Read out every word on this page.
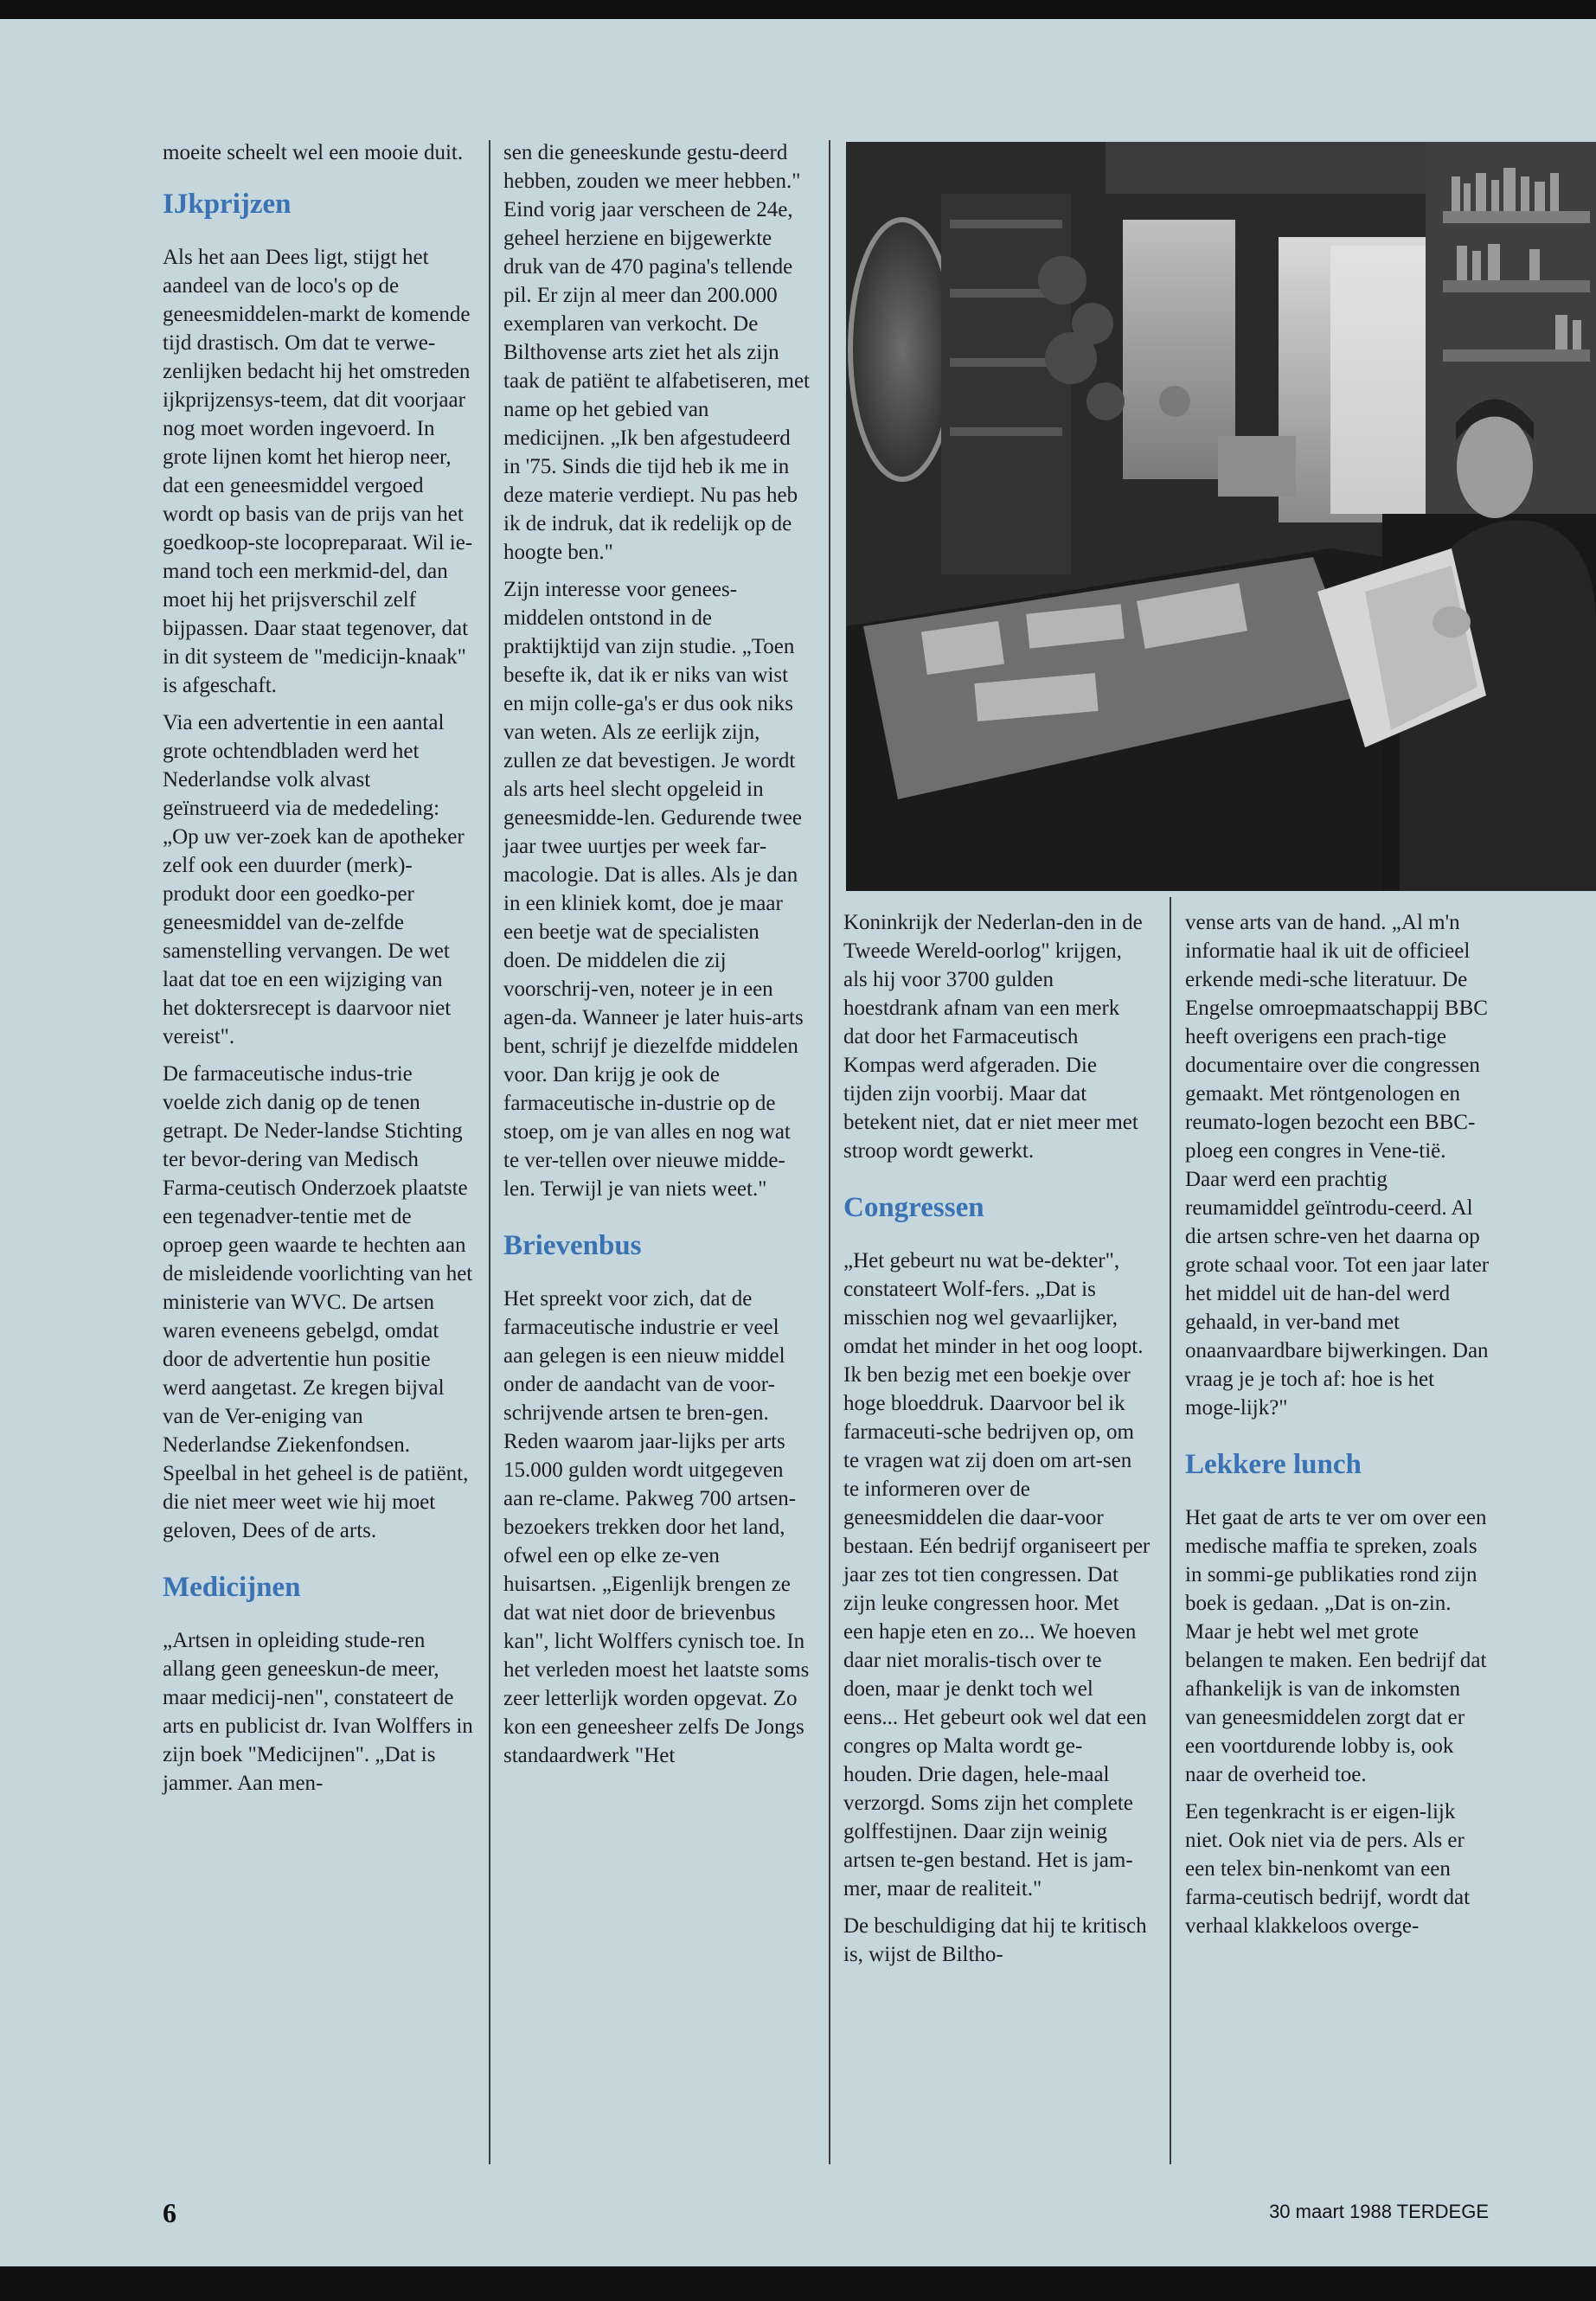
moeite scheelt wel een mooie duit.

IJkprijzen

Als het aan Dees ligt, stijgt het aandeel van de loco's op de geneesmiddelen-markt de komende tijd drastisch. Om dat te verwe-zenlijken bedacht hij het omstreden ijkprijzensys-teem, dat dit voorjaar nog moet worden ingevoerd. In grote lijnen komt het hierop neer, dat een geneesmiddel vergoed wordt op basis van de prijs van het goedkoop-ste locopreparaat. Wil ie-mand toch een merkmid-del, dan moet hij het prijsverschil zelf bijpassen. Daar staat tegenover, dat in dit systeem de "medicijn-knaak" is afgeschaft.

Via een advertentie in een aantal grote ochtendbladen werd het Nederlandse volk alvast geïnstrueerd via de mededeling: „Op uw ver-zoek kan de apotheker zelf ook een duurder (merk)-produkt door een goedko-per geneesmiddel van de-zelfde samenstelling vervangen. De wet laat dat toe en een wijziging van het doktersrecept is daarvoor niet vereist".

De farmaceutische indus-trie voelde zich danig op de tenen getrapt. De Neder-landse Stichting ter bevor-dering van Medisch Farma-ceutisch Onderzoek plaatste een tegenadver-tentie met de oproep geen waarde te hechten aan de misleidende voorlichting van het ministerie van WVC. De artsen waren eveneens gebelgd, omdat door de advertentie hun positie werd aangetast. Ze kregen bijval van de Ver-eniging van Nederlandse Ziekenfondsen. Speelbal in het geheel is de patiënt, die niet meer weet wie hij moet geloven, Dees of de arts.

Medicijnen

„Artsen in opleiding stude-ren allang geen geneeskun-de meer, maar medicij-nen", constateert de arts en publicist dr. Ivan Wolffers in zijn boek "Medicijnen". „Dat is jammer. Aan men-

sen die geneeskunde gestu-deerd hebben, zouden we meer hebben."

Eind vorig jaar verscheen de 24e, geheel herziene en bijgewerkte druk van de 470 pagina's tellende pil. Er zijn al meer dan 200.000 exemplaren van verkocht. De Bilthovense arts ziet het als zijn taak de patiënt te alfabetiseren, met name op het gebied van medicijnen. „Ik ben afgestudeerd in '75. Sinds die tijd heb ik me in deze materie verdiept. Nu pas heb ik de indruk, dat ik redelijk op de hoogte ben."

Zijn interesse voor genees-middelen ontstond in de praktijktijd van zijn studie. „Toen besefte ik, dat ik er niks van wist en mijn colle-ga's er dus ook niks van weten. Als ze eerlijk zijn, zullen ze dat bevestigen. Je wordt als arts heel slecht opgeleid in geneesmidde-len. Gedurende twee jaar twee uurtjes per week far-macologie. Dat is alles. Als je dan in een kliniek komt, doe je maar een beetje wat de specialisten doen. De middelen die zij voorschrij-ven, noteer je in een agen-da. Wanneer je later huis-arts bent, schrijf je diezelfde middelen voor. Dan krijg je ook de farmaceutische in-dustrie op de stoep, om je van alles en nog wat te ver-tellen over nieuwe midde-len. Terwijl je van niets weet."

Brievenbus

Het spreekt voor zich, dat de farmaceutische industrie er veel aan gelegen is een nieuw middel onder de aandacht van de voor-schrijvende artsen te bren-gen. Reden waarom jaar-lijks per arts 15.000 gulden wordt uitgegeven aan re-clame. Pakweg 700 artsen-bezoekers trekken door het land, ofwel een op elke ze-ven huisartsen. „Eigenlijk brengen ze dat wat niet door de brievenbus kan", licht Wolffers cynisch toe. In het verleden moest het laatste soms zeer letterlijk worden opgevat. Zo kon een geneesheer zelfs De Jongs standaardwerk "Het

Koninkrijk der Nederlan-den in de Tweede Wereld-oorlog" krijgen, als hij voor 3700 gulden hoestdrank afnam van een merk dat door het Farmaceutisch Kompas werd afgeraden. Die tijden zijn voorbij. Maar dat betekent niet, dat er niet meer met stroop wordt gewerkt.

Congressen

„Het gebeurt nu wat be-dekter", constateert Wolf-fers. „Dat is misschien nog wel gevaarlijker, omdat het minder in het oog loopt. Ik ben bezig met een boekje over hoge bloeddruk. Daarvoor bel ik farmaceuti-sche bedrijven op, om te vragen wat zij doen om art-sen te informeren over de geneesmiddelen die daar-voor bestaan. Eén bedrijf organiseert per jaar zes tot tien congressen. Dat zijn leuke congressen hoor. Met een hapje eten en zo... We hoeven daar niet moralis-tisch over te doen, maar je denkt toch wel eens... Het gebeurt ook wel dat een congres op Malta wordt ge-houden. Drie dagen, hele-maal verzorgd. Soms zijn het complete golffestijnen. Daar zijn weinig artsen te-gen bestand. Het is jam-mer, maar de realiteit."

De beschuldiging dat hij te kritisch is, wijst de Biltho-

vense arts van de hand. „Al m'n informatie haal ik uit de officieel erkende medi-sche literatuur. De Engelse omroepmaatschappij BBC heeft overigens een prach-tige documentaire over die congressen gemaakt. Met röntgenologen en reumato-logen bezocht een BBC-ploeg een congres in Vene-tië. Daar werd een prachtig reumamiddel geïntrodu-ceerd. Al die artsen schre-ven het daarna op grote schaal voor. Tot een jaar later het middel uit de han-del werd gehaald, in ver-band met onaanvaardbare bijwerkingen. Dan vraag je je toch af: hoe is het moge-lijk?"

Lekkere lunch

Het gaat de arts te ver om over een medische maffia te spreken, zoals in sommi-ge publikaties rond zijn boek is gedaan. „Dat is on-zin. Maar je hebt wel met grote belangen te maken. Een bedrijf dat afhankelijk is van de inkomsten van geneesmiddelen zorgt dat er een voortdurende lobby is, ook naar de overheid toe.

Een tegenkracht is er eigen-lijk niet. Ook niet via de pers. Als er een telex bin-nenkomt van een farma-ceutisch bedrijf, wordt dat verhaal klakkeloos overge-

6	30 maart 1988 TERDEGE
